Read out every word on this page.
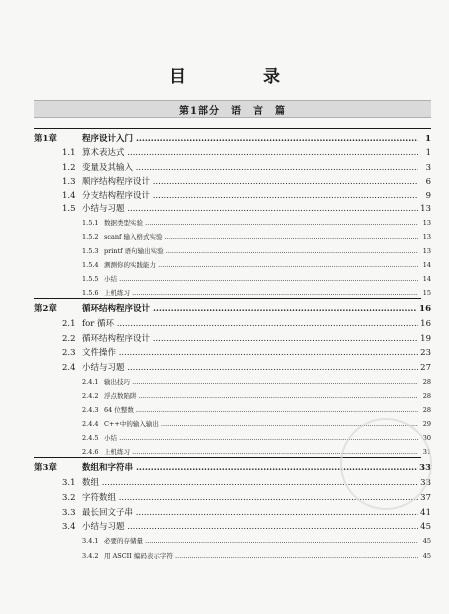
目　录
第1部分　语　言　篇
第1章	程序设计入门 .....	1
1.1 算术表达式 .....	1
1.2 变量及其输入 .....	3
1.3 顺序结构程序设计 .....	6
1.4 分支结构程序设计 .....	9
1.5 小结与习题 .....	13
1.5.1 数据类型实验 .....	13
1.5.2 scanf 输入格式实验 .....	13
1.5.3 printf 语句输出实验 .....	13
1.5.4 测测你的实践能力 .....	14
1.5.5 小结 .....	14
1.5.6 上机练习 .....	15
第2章	循环结构程序设计 .....	16
2.1 for 循环 .....	16
2.2 循环结构程序设计 .....	19
2.3 文件操作 .....	23
2.4 小结与习题 .....	27
2.4.1 输出技巧 .....	28
2.4.2 浮点数陷阱 .....	28
2.4.3 64 位整数 .....	28
2.4.4 C++中的输入输出 .....	29
2.4.5 小结 .....	30
2.4.6 上机练习 .....	31
第3章	数组和字符串 .....	33
3.1 数组 .....	33
3.2 字符数组 .....	37
3.3 最长回文子串 .....	41
3.4 小结与习题 .....	45
3.4.1 必要的存储量 .....	45
3.4.2 用 ASCII 编码表示字符 .....	45
